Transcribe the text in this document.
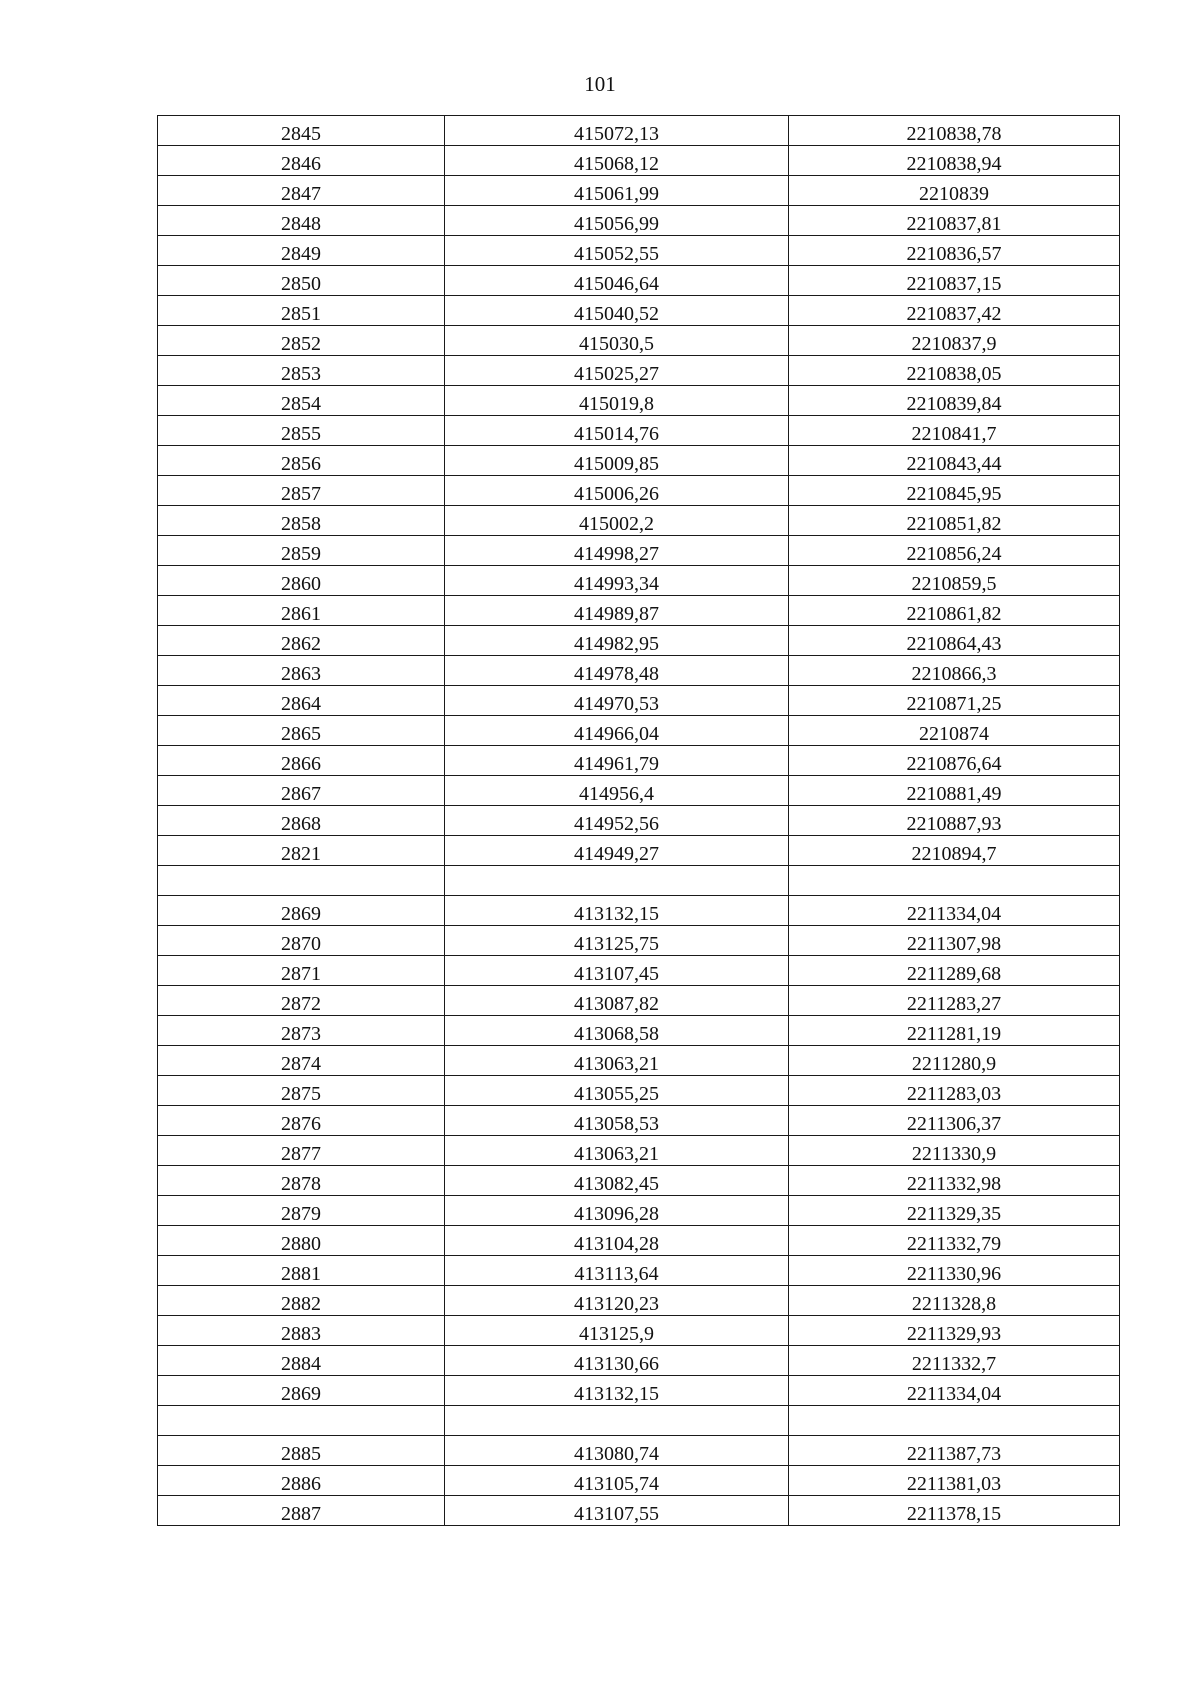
101
2845	415072,13	2210838,78
2846	415068,12	2210838,94
2847	415061,99	2210839
2848	415056,99	2210837,81
2849	415052,55	2210836,57
2850	415046,64	2210837,15
2851	415040,52	2210837,42
2852	415030,5	2210837,9
2853	415025,27	2210838,05
2854	415019,8	2210839,84
2855	415014,76	2210841,7
2856	415009,85	2210843,44
2857	415006,26	2210845,95
2858	415002,2	2210851,82
2859	414998,27	2210856,24
2860	414993,34	2210859,5
2861	414989,87	2210861,82
2862	414982,95	2210864,43
2863	414978,48	2210866,3
2864	414970,53	2210871,25
2865	414966,04	2210874
2866	414961,79	2210876,64
2867	414956,4	2210881,49
2868	414952,56	2210887,93
2821	414949,27	2210894,7

2869	413132,15	2211334,04
2870	413125,75	2211307,98
2871	413107,45	2211289,68
2872	413087,82	2211283,27
2873	413068,58	2211281,19
2874	413063,21	2211280,9
2875	413055,25	2211283,03
2876	413058,53	2211306,37
2877	413063,21	2211330,9
2878	413082,45	2211332,98
2879	413096,28	2211329,35
2880	413104,28	2211332,79
2881	413113,64	2211330,96
2882	413120,23	2211328,8
2883	413125,9	2211329,93
2884	413130,66	2211332,7
2869	413132,15	2211334,04

2885	413080,74	2211387,73
2886	413105,74	2211381,03
2887	413107,55	2211378,15
